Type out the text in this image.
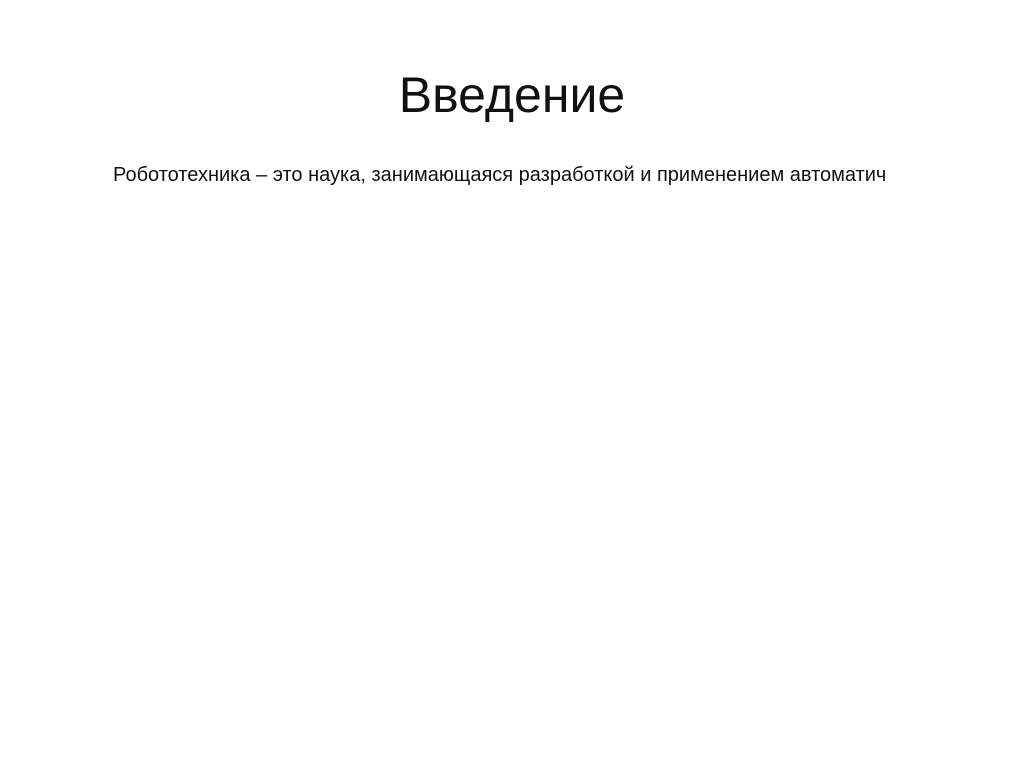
Введение
Робототехника – это наука, занимающаяся разработкой и применением автоматич
